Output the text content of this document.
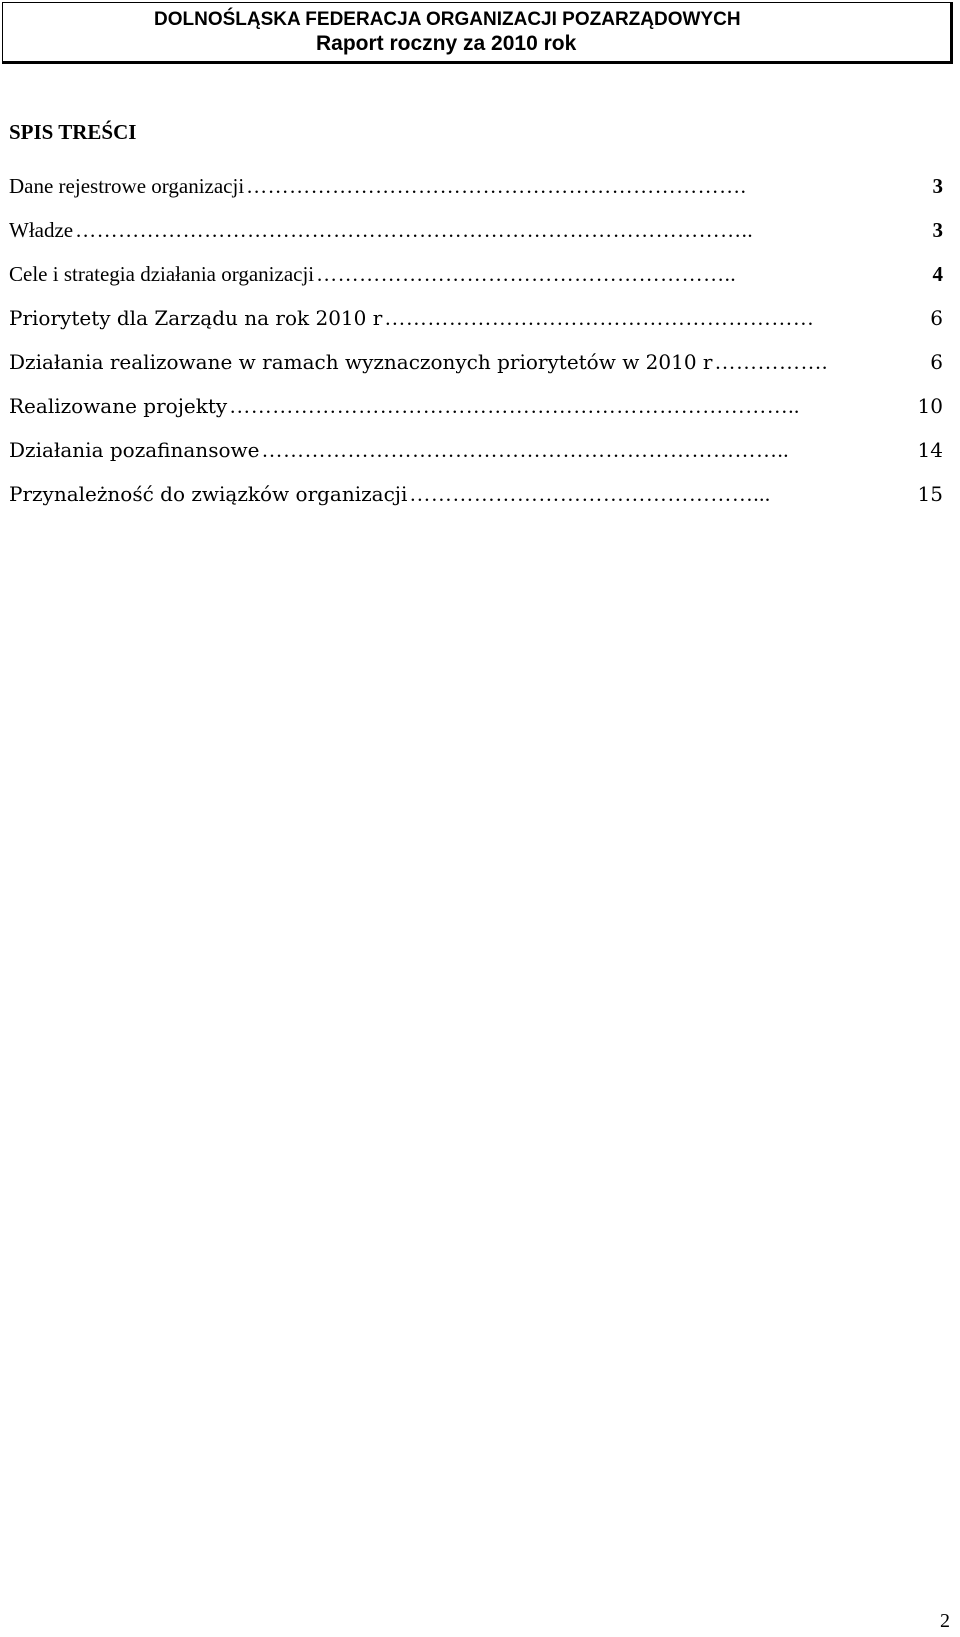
DOLNOŚLĄSKA FEDERACJA ORGANIZACJI POZARZĄDOWYCH
Raport roczny za 2010 rok
SPIS TREŚCI
Dane rejestrowe organizacji …………………………………………………………….	3
Władze …………………………………………………………………………………..	3
Cele i strategia działania organizacji …………………………………………………..	4
Priorytety dla Zarządu na rok 2010 r ……………………………………………………	6
Działania realizowane w ramach wyznaczonych priorytetów w 2010 r …………….	6
Realizowane projekty ……………………………………………………………………..	10
Działania pozafinansowe ………………………………………………………………..	14
Przynależność do związków organizacji …………………………………………...	15
2
